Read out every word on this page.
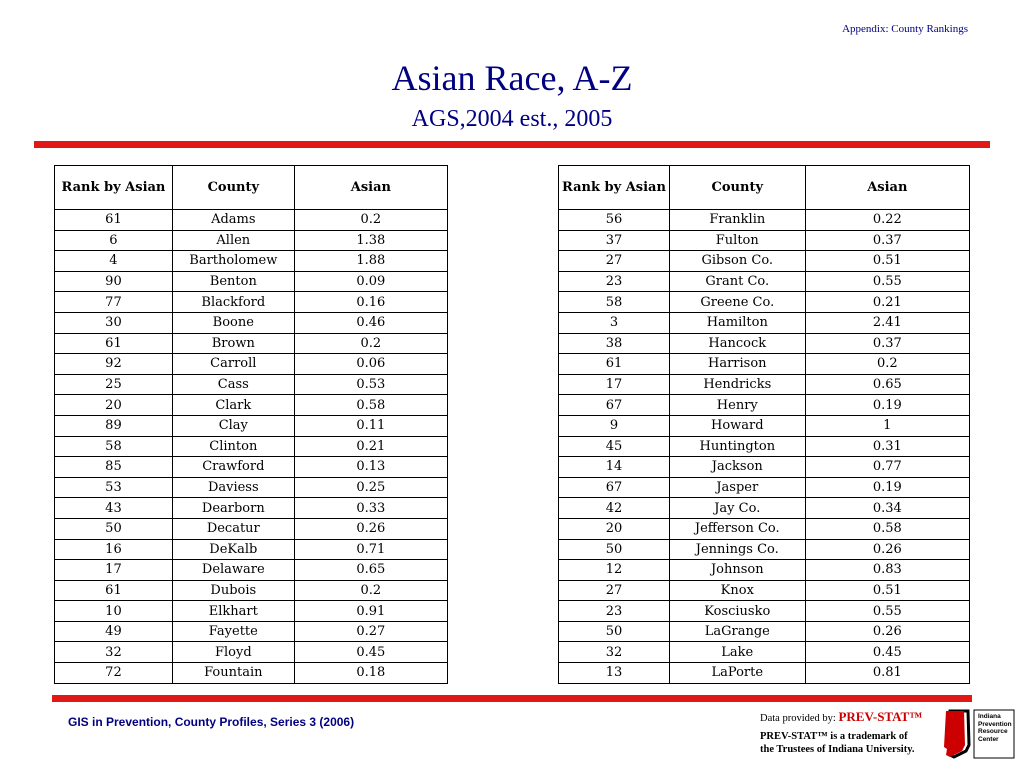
Appendix: County Rankings
Asian Race, A-Z
AGS,2004 est., 2005
Rank by Asian	County	Asian
61	Adams	0.2
6	Allen	1.38
4	Bartholomew	1.88
90	Benton	0.09
77	Blackford	0.16
30	Boone	0.46
61	Brown	0.2
92	Carroll	0.06
25	Cass	0.53
20	Clark	0.58
89	Clay	0.11
58	Clinton	0.21
85	Crawford	0.13
53	Daviess	0.25
43	Dearborn	0.33
50	Decatur	0.26
16	DeKalb	0.71
17	Delaware	0.65
61	Dubois	0.2
10	Elkhart	0.91
49	Fayette	0.27
32	Floyd	0.45
72	Fountain	0.18
Rank by Asian	County	Asian
56	Franklin	0.22
37	Fulton	0.37
27	Gibson Co.	0.51
23	Grant Co.	0.55
58	Greene Co.	0.21
3	Hamilton	2.41
38	Hancock	0.37
61	Harrison	0.2
17	Hendricks	0.65
67	Henry	0.19
9	Howard	1
45	Huntington	0.31
14	Jackson	0.77
67	Jasper	0.19
42	Jay Co.	0.34
20	Jefferson Co.	0.58
50	Jennings Co.	0.26
12	Johnson	0.83
27	Knox	0.51
23	Kosciusko	0.55
50	LaGrange	0.26
32	Lake	0.45
13	LaPorte	0.81
GIS in Prevention, County Profiles, Series 3 (2006)	Data provided by: PREV-STAT™
PREV-STAT™ is a trademark of
the Trustees of Indiana University.
Indiana
Prevention
Resource
Center
